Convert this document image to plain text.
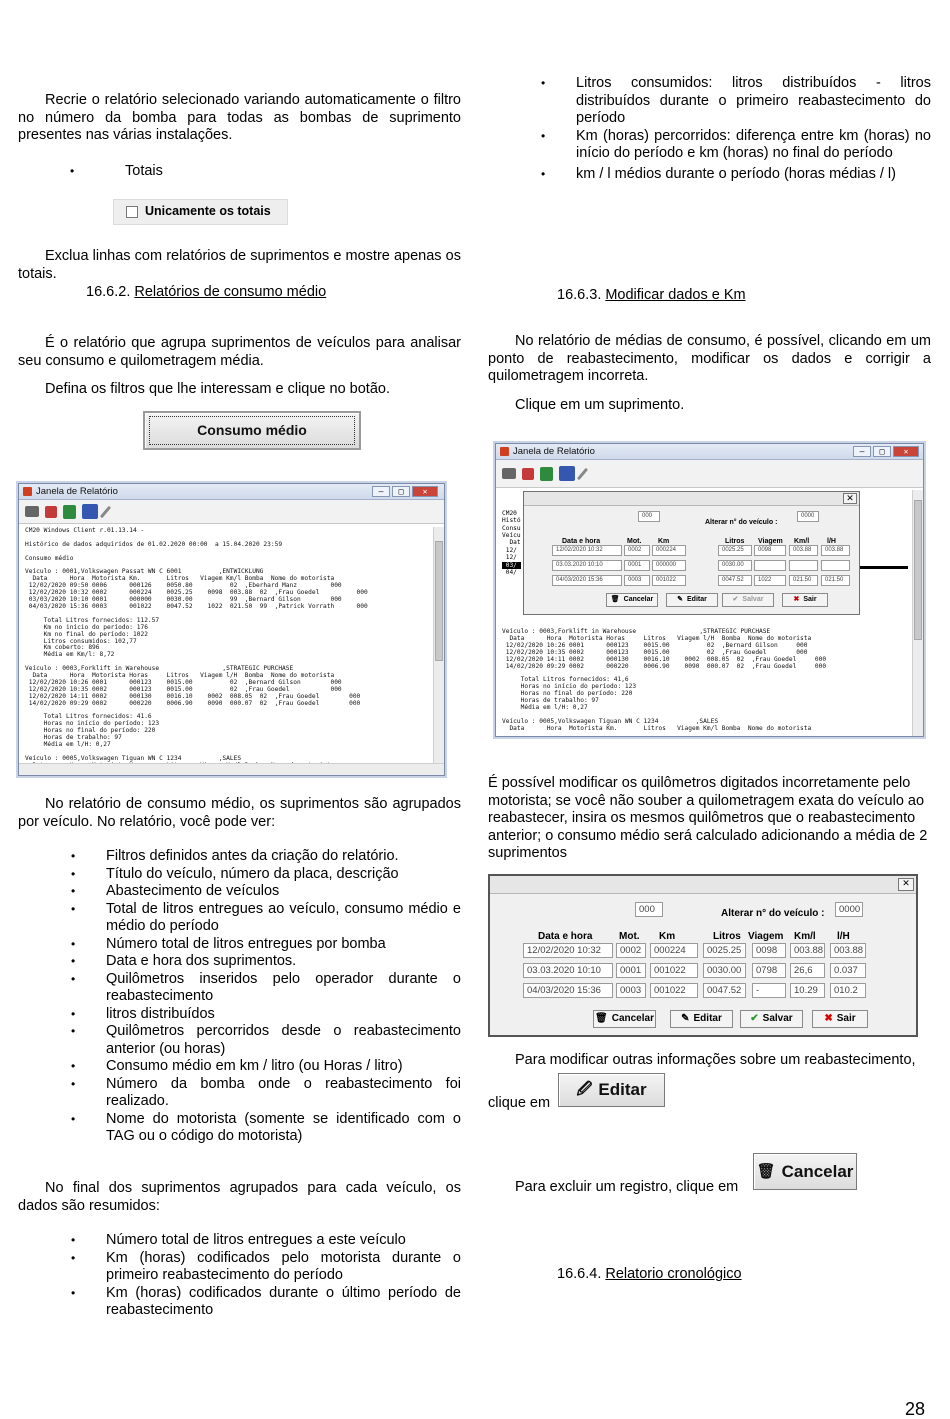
Recrie o relatório selecionado variando automaticamente o filtro no número da bomba para todas as bombas de suprimento presentes nas várias instalações.

•	Totais
Unicamente os totais

Exclua linhas com relatórios de suprimentos e mostre apenas os totais.

16.6.2. Relatórios de consumo médio

É o relatório que agrupa suprimentos de veículos para analisar seu consumo e quilometragem média.

Defina os filtros que lhe interessam e clique no botão.

Consumo médio
Janela de Relatório	–	□	✕
CM20 Windows Client r.01.13.14 -

Histórico de dados adquiridos de 01.02.2020 00:00  a 15.04.2020 23:59

Consumo médio

Veículo : 0001,Volkswagen Passat WN C 6001          ,ENTWICKLUNG
Data      Hora  Motorista Km.       Litros   Viagem Km/l Bomba  Nome do motorista
12/02/2020 09:50 0006      000126    0050.80          02  ,Eberhard Manz         000
12/02/2020 10:32 0002      000224    0025.25    0098  003.88  02  ,Frau Goedel          000
03/03/2020 10:10 0001      000000    0030.00          99  ,Bernard Gilson        000
04/03/2020 15:36 0003      001022    0047.52    1022  021.50  99  ,Patrick Vorrath      000

Total Litros fornecidos: 112.57
Km no início do período: 176
Km no final do período: 1022
Litros consumidos: 102,77
Km coberto: 896
Média em Km/l: 8,72

Veículo : 0003,Forklift in Warehouse                 ,STRATEGIC PURCHASE
Data      Hora  Motorista Horas     Litros   Viagem l/H  Bomba  Nome do motorista
12/02/2020 10:26 0001      000123    0015.00          02  ,Bernard Gilson        000
12/02/2020 10:35 0002      000123    0015.00          02  ,Frau Goedel           000
12/02/2020 14:11 0002      000130    0016.10    0002  008.05  02  ,Frau Goedel        000
14/02/2020 09:29 0002      000220    0006.90    0090  000.07  02  ,Frau Goedel        000

Total Litros fornecidos: 41.6
Horas no início do período: 123
Horas no final do período: 220
Horas de trabalho: 97
Média em l/H: 0,27

Veículo : 0005,Volkswagen Tiguan WN C 1234          ,SALES

No relatório de consumo médio, os suprimentos são agrupados por veículo. No relatório, você pode ver:

• Filtros definidos antes da criação do relatório.
• Título do veículo, número da placa, descrição
• Abastecimento de veículos
• Total de litros entregues ao veículo, consumo médio e médio do período
• Número total de litros entregues por bomba
• Data e hora dos suprimentos.
• Quilômetros inseridos pelo operador durante o reabastecimento
• litros distribuídos
• Quilômetros percorridos desde o reabastecimento anterior (ou horas)
• Consumo médio em km / litro (ou Horas / litro)
• Número da bomba onde o reabastecimento foi realizado.
• Nome do motorista (somente se identificado com o TAG ou o código do motorista)

No final dos suprimentos agrupados para cada veículo, os dados são resumidos:

• Número total de litros entregues a este veículo
• Km (horas) codificados pelo motorista durante o primeiro reabastecimento do período
• Km (horas) codificados durante o último período de reabastecimento
• Litros consumidos: litros distribuídos - litros distribuídos durante o primeiro reabastecimento do período
• Km (horas) percorridos: diferença entre km (horas) no início do período e km (horas) no final do período
• km / l médios durante o período (horas médias / l)
16.6.3. Modificar dados e Km

No relatório de médias de consumo, é possível, clicando em um ponto de reabastecimento, modificar os dados e corrigir a quilometragem incorreta.

Clique em um suprimento.

Janela de Relatório	–	□	✕

CM20
Histó
Consu
Veícu
Dat
12/
12/
03/
04/

Veículo : 0003,Forklift in Warehouse                 ,STRATEGIC PURCHASE
Data      Hora  Motorista Horas     Litros   Viagem l/H  Bomba  Nome do motorista
12/02/2020 10:26 0001      000123    0015.00          02  ,Bernard Gilson     000
12/02/2020 10:35 0002      000123    0015.00          02  ,Frau Goedel        000
12/02/2020 14:11 0002      000130    0016.10    0002  008.05  02  ,Frau Goedel     000
14/02/2020 09:29 0002      000220    0006.90    0090  000.07  02  ,Frau Goedel     000

Total Litros fornecidos: 41,6
Horas no início do período: 123
Horas no final do período: 220
Horas de trabalho: 97
Média em l/H: 0,27

Veículo : 0005,Volkswagen Tiguan WN C 1234          ,SALES
Data      Hora  Motorista Km.       Litros   Viagem Km/l Bomba  Nome do motorista
✕
000
Alterar n° do veículo :
0000
Data e hora	Mot. Km	Litros Viagem Km/l	l/H
12/02/2020 10:32	0002	000224	0025.25	0098	003.88	003.88
03.03.2020 10:10	0001	000000	0030.00
04/03/2020 15:36	0003	001022	0047.52	1022	021.50	021.50
🗑 Cancelar	✎ Editar	✔ Salvar	✖ Sair

É possível modificar os quilômetros digitados incorretamente pelo motorista; se você não souber a quilometragem exata do veículo ao reabastecer, insira os mesmos quilômetros que o reabastecimento anterior; o consumo médio será calculado adicionando a média de 2 suprimentos

✕
000	Alterar n° do veículo :	0000
Data e hora	Mot. Km	Litros Viagem Km/l l/H
12/02/2020 10:32	0002	000224	0025.25	0098	003.88	003.88
03.03.2020 10:10	0001	001022	0030.00	0798	26,6	0.037
04/03/2020 15:36	0003	001022	0047.52	-	10.29	010.2
🗑 Cancelar	✎ Editar	✔ Salvar	✖ Sair

Para modificar outras informações sobre um reabastecimento,

clique em

🖉 Editar

Para excluir um registro, clique em

🗑 Cancelar
16.6.4. Relatorio cronológico
28
